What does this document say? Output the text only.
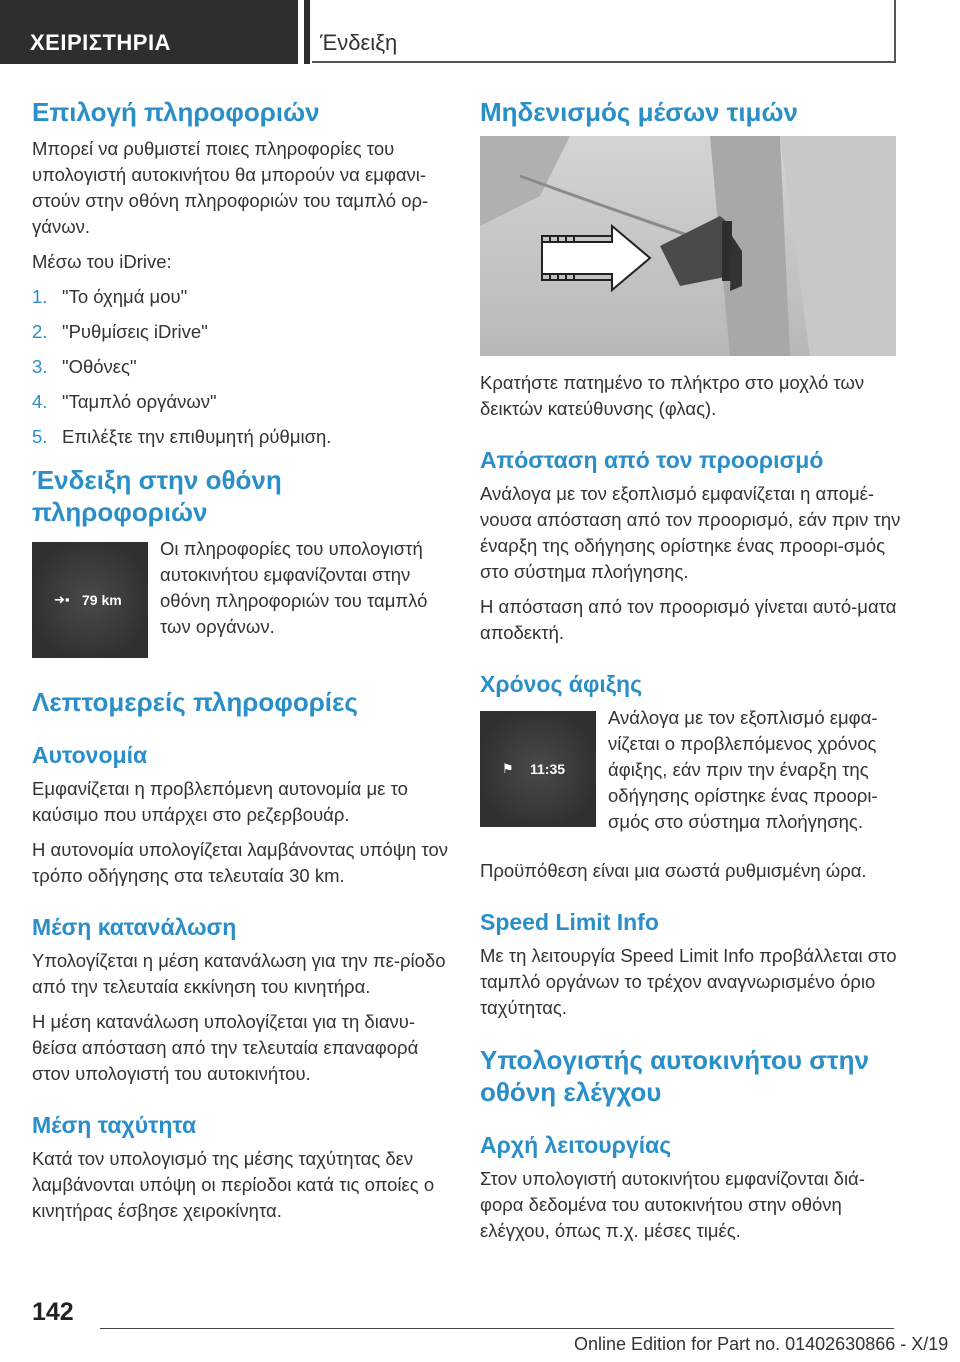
ΧΕΙΡΙΣΤΗΡΙΑ	Ένδειξη
Επιλογή πληροφοριών

Μπορεί να ρυθμιστεί ποιες πληροφορίες του υπολογιστή αυτοκινήτου θα μπορούν να εμφανι-στούν στην οθόνη πληροφοριών του ταμπλό ορ-γάνων.

Μέσω του iDrive:

1. "Το όχημά μου"
2. "Ρυθμίσεις iDrive"
3. "Οθόνες"
4. "Ταμπλό οργάνων"
5. Επιλέξτε την επιθυμητή ρύθμιση.
Ένδειξη στην οθόνη πληροφοριών
➜▪ 79 km

Οι πληροφορίες του υπολογιστή αυτοκινήτου εμφανίζονται στην οθόνη πληροφοριών του ταμπλό των οργάνων.

Λεπτομερείς πληροφορίες
Αυτονομία

Εμφανίζεται η προβλεπόμενη αυτονομία με το καύσιμο που υπάρχει στο ρεζερβουάρ.

Η αυτονομία υπολογίζεται λαμβάνοντας υπόψη τον τρόπο οδήγησης στα τελευταία 30 km.

Μέση κατανάλωση

Υπολογίζεται η μέση κατανάλωση για την πε-ρίοδο από την τελευταία εκκίνηση του κινητήρα.

Η μέση κατανάλωση υπολογίζεται για τη διανυ-θείσα απόσταση από την τελευταία επαναφορά στον υπολογιστή του αυτοκινήτου.

Μέση ταχύτητα

Κατά τον υπολογισμό της μέσης ταχύτητας δεν λαμβάνονται υπόψη οι περίοδοι κατά τις οποίες ο κινητήρας έσβησε χειροκίνητα.

Μηδενισμός μέσων τιμών

Κρατήστε πατημένο το πλήκτρο στο μοχλό των δεικτών κατεύθυνσης (φλας).

Απόσταση από τον προορισμό

Ανάλογα με τον εξοπλισμό εμφανίζεται η απομέ-νουσα απόσταση από τον προορισμό, εάν πριν την έναρξη της οδήγησης ορίστηκε ένας προορι-σμός στο σύστημα πλοήγησης.

Η απόσταση από τον προορισμό γίνεται αυτό-ματα αποδεκτή.

Χρόνος άφιξης
⚑ 11:35

Ανάλογα με τον εξοπλισμό εμφα-νίζεται ο προβλεπόμενος χρόνος άφιξης, εάν πριν την έναρξη της οδήγησης ορίστηκε ένας προορι-σμός στο σύστημα πλοήγησης.

Προϋπόθεση είναι μια σωστά ρυθμισμένη ώρα.

Speed Limit Info

Με τη λειτουργία Speed Limit Info προβάλλεται στο ταμπλό οργάνων το τρέχον αναγνωρισμένο όριο ταχύτητας.

Υπολογιστής αυτοκινήτου στην οθόνη ελέγχου
Αρχή λειτουργίας

Στον υπολογιστή αυτοκινήτου εμφανίζονται διά-φορα δεδομένα του αυτοκινήτου στην οθόνη ελέγχου, όπως π.χ. μέσες τιμές.

142
Online Edition for Part no. 01402630866 - X/19
